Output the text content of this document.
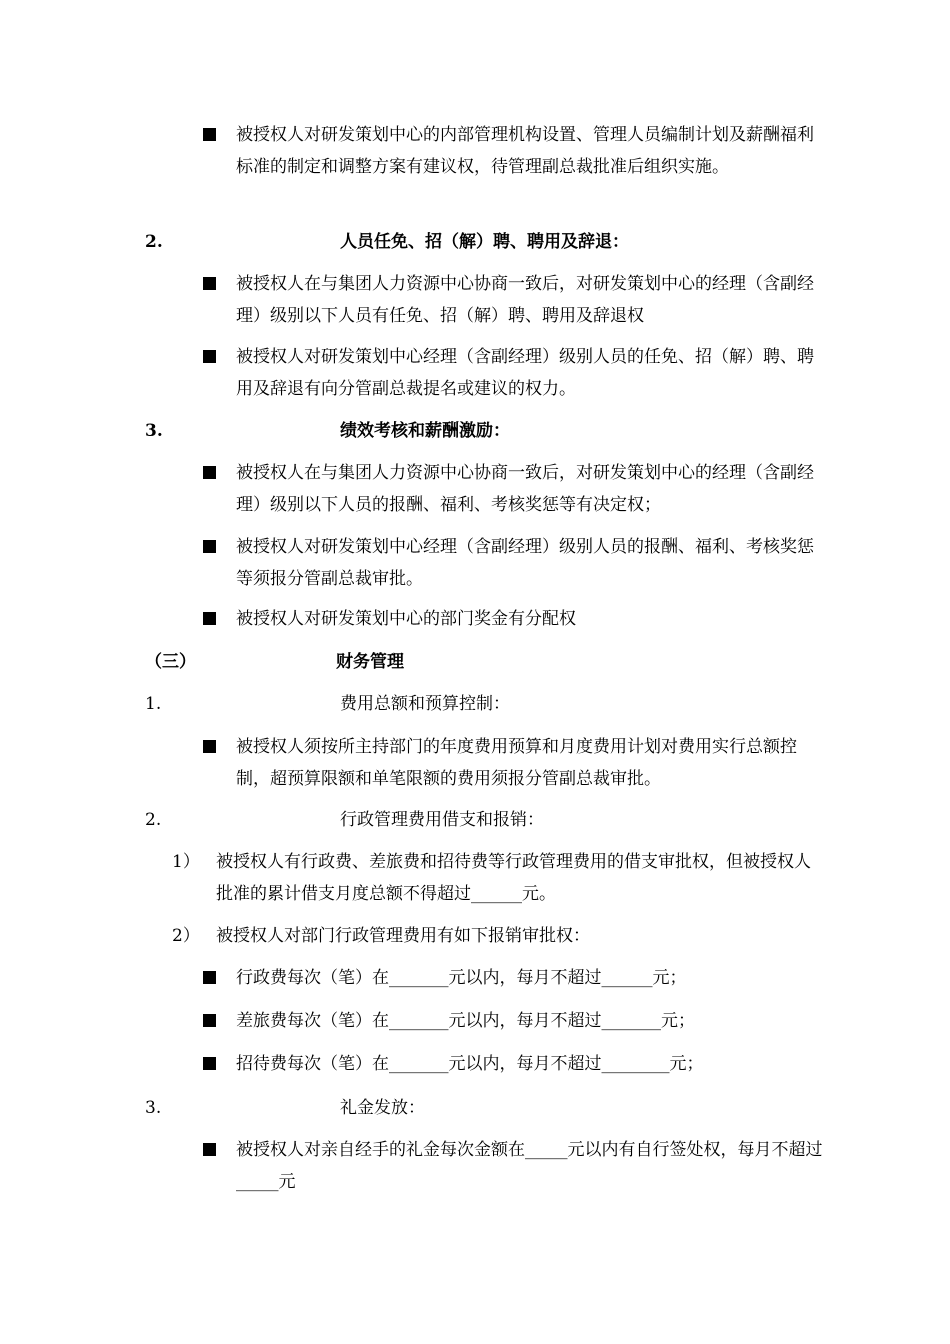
被授权人对研发策划中心的内部管理机构设置、管理人员编制计划及薪酬福利标准的制定和调整方案有建议权，待管理副总裁批准后组织实施。
2.	人员任免、招（解）聘、聘用及辞退：
被授权人在与集团人力资源中心协商一致后，对研发策划中心的经理（含副经理）级别以下人员有任免、招（解）聘、聘用及辞退权
被授权人对研发策划中心经理（含副经理）级别人员的任免、招（解）聘、聘用及辞退有向分管副总裁提名或建议的权力。
3.	绩效考核和薪酬激励：
被授权人在与集团人力资源中心协商一致后，对研发策划中心的经理（含副经理）级别以下人员的报酬、福利、考核奖惩等有决定权；
被授权人对研发策划中心经理（含副经理）级别人员的报酬、福利、考核奖惩等须报分管副总裁审批。
被授权人对研发策划中心的部门奖金有分配权
（三）	财务管理
1.	费用总额和预算控制：
被授权人须按所主持部门的年度费用预算和月度费用计划对费用实行总额控制，超预算限额和单笔限额的费用须报分管副总裁审批。
2.	行政管理费用借支和报销：
1） 被授权人有行政费、差旅费和招待费等行政管理费用的借支审批权，但被授权人批准的累计借支月度总额不得超过______元。
2） 被授权人对部门行政管理费用有如下报销审批权：
行政费每次（笔）在_______元以内，每月不超过______元；
差旅费每次（笔）在_______元以内，每月不超过_______元；
招待费每次（笔）在_______元以内，每月不超过________元；
3.	礼金发放：
被授权人对亲自经手的礼金每次金额在_____元以内有自行签处权，每月不超过_____元
